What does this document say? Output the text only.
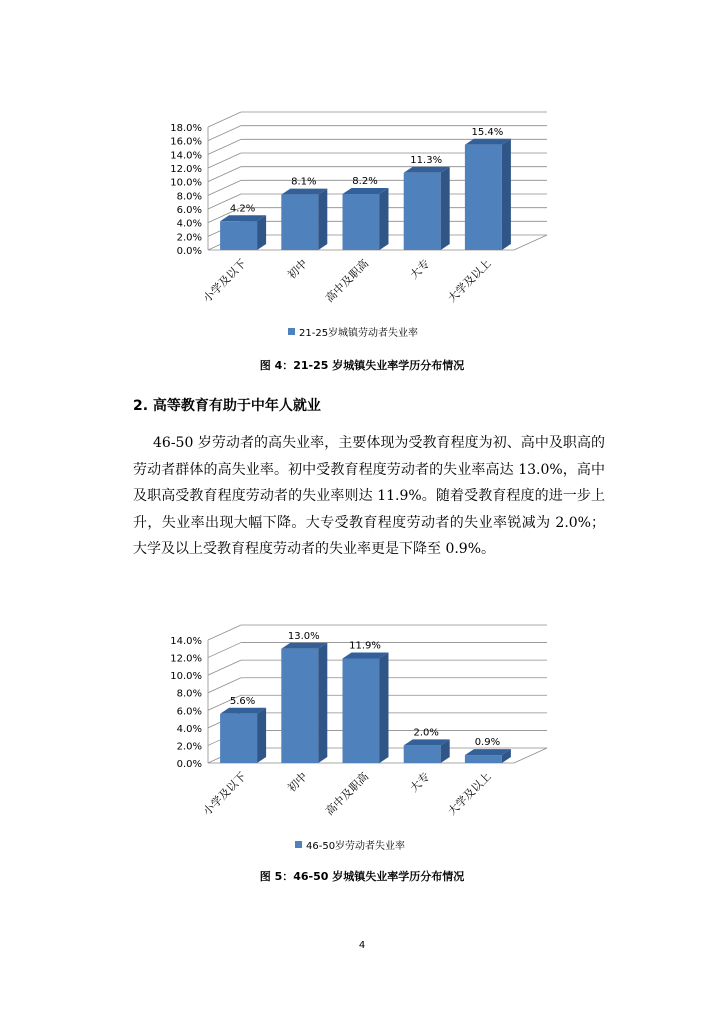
0.0%
2.0%
4.0%
6.0%
8.0%
10.0%
12.0%
14.0%
16.0%
18.0%
4.2%
小学及以下
8.1%
初中
8.2%
高中及职高
11.3%
大专
15.4%
大学及以上
21-25岁城镇劳动者失业率
图 4：21-25 岁城镇失业率学历分布情况
2. 高等教育有助于中年人就业
46-50 岁劳动者的高失业率，主要体现为受教育程度为初、高中及职高的劳动者群体的高失业率。初中受教育程度劳动者的失业率高达 13.0%，高中及职高受教育程度劳动者的失业率则达 11.9%。随着受教育程度的进一步上升，失业率出现大幅下降。大专受教育程度劳动者的失业率锐减为 2.0%；大学及以上受教育程度劳动者的失业率更是下降至 0.9%。
0.0%
2.0%
4.0%
6.0%
8.0%
10.0%
12.0%
14.0%
5.6%
小学及以下
13.0%
初中
11.9%
高中及职高
2.0%
大专
0.9%
大学及以上
46-50岁劳动者失业率
图 5：46-50 岁城镇失业率学历分布情况
4
